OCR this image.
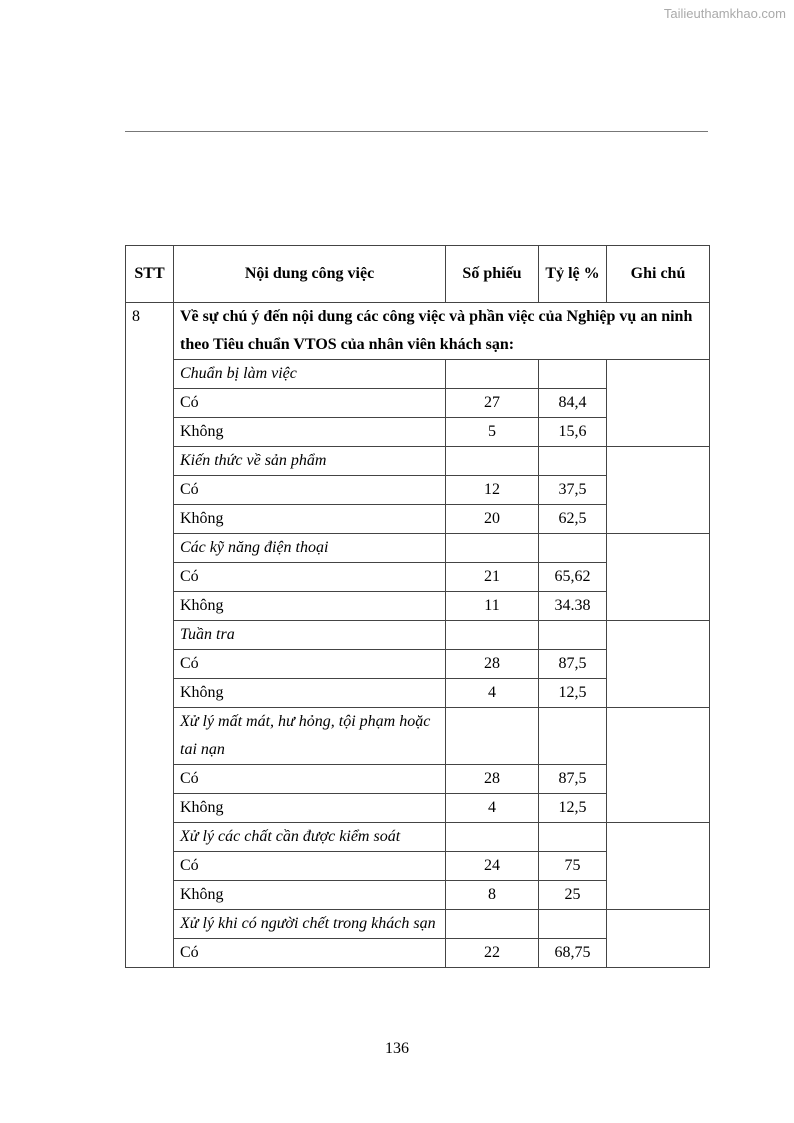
Tailieuthamkhao.com
STT	Nội dung công việc	Số phiếu	Tỷ lệ %	Ghi chú
8	Về sự chú ý đến nội dung các công việc và phần việc của Nghiệp vụ an ninh theo Tiêu chuẩn VTOS của nhân viên khách sạn:			
	Chuẩn bị làm việc			
	Có	27	84,4	
	Không	5	15,6	
	Kiến thức về sản phẩm			
	Có	12	37,5	
	Không	20	62,5	
	Các kỹ năng điện thoại			
	Có	21	65,62	
	Không	11	34.38	
	Tuần tra			
	Có	28	87,5	
	Không	4	12,5	
	Xử lý mất mát, hư hỏng, tội phạm hoặc tai nạn			
	Có	28	87,5	
	Không	4	12,5	
	Xử lý các chất cần được kiểm soát			
	Có	24	75	
	Không	8	25	
	Xử lý khi có người chết trong khách sạn			
	Có	22	68,75	
136
